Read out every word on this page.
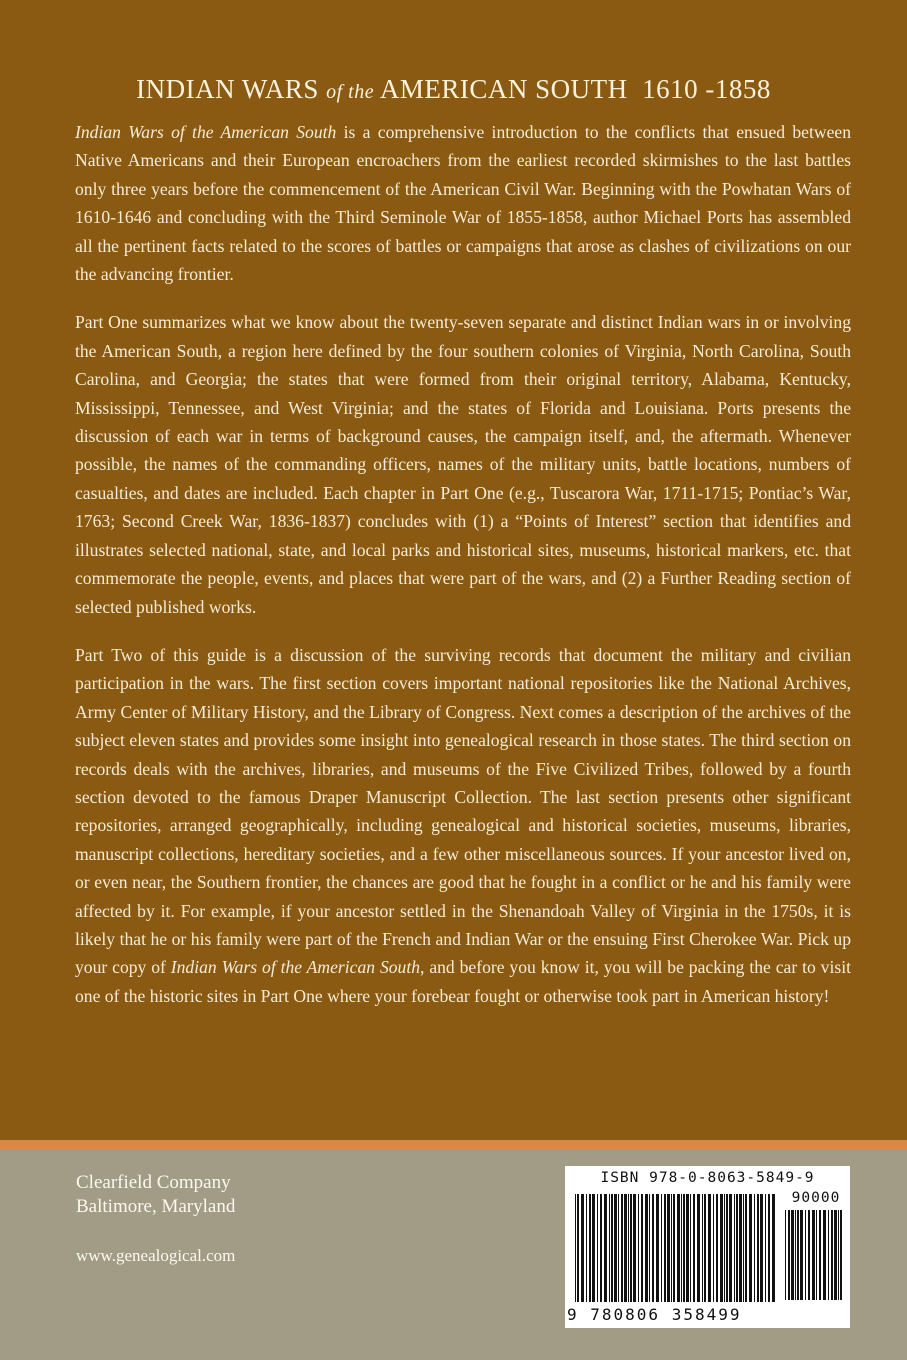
INDIAN WARS of the AMERICAN SOUTH 1610 -1858

Indian Wars of the American South is a comprehensive introduction to the conflicts that ensued between Native Americans and their European encroachers from the earliest recorded skirmishes to the last battles only three years before the commencement of the American Civil War. Beginning with the Powhatan Wars of 1610-1646 and concluding with the Third Seminole War of 1855-1858, author Michael Ports has assembled all the pertinent facts related to the scores of battles or campaigns that arose as clashes of civilizations on our the advancing frontier.

Part One summarizes what we know about the twenty-seven separate and distinct Indian wars in or involving the American South, a region here defined by the four southern colonies of Virginia, North Carolina, South Carolina, and Georgia; the states that were formed from their original territory, Alabama, Kentucky, Mississippi, Tennessee, and West Virginia; and the states of Florida and Louisiana. Ports presents the discussion of each war in terms of background causes, the campaign itself, and, the aftermath. Whenever possible, the names of the commanding officers, names of the military units, battle locations, numbers of casualties, and dates are included. Each chapter in Part One (e.g., Tuscarora War, 1711-1715; Pontiac’s War, 1763; Second Creek War, 1836-1837) concludes with (1) a “Points of Interest” section that identifies and illustrates selected national, state, and local parks and historical sites, museums, historical markers, etc. that commemorate the people, events, and places that were part of the wars, and (2) a Further Reading section of selected published works.

Part Two of this guide is a discussion of the surviving records that document the military and civilian participation in the wars. The first section covers important national repositories like the National Archives, Army Center of Military History, and the Library of Congress. Next comes a description of the archives of the subject eleven states and provides some insight into genealogical research in those states. The third section on records deals with the archives, libraries, and museums of the Five Civilized Tribes, followed by a fourth section devoted to the famous Draper Manuscript Collection. The last section presents other significant repositories, arranged geographically, including genealogical and historical societies, museums, libraries, manuscript collections, hereditary societies, and a few other miscellaneous sources. If your ancestor lived on, or even near, the Southern frontier, the chances are good that he fought in a conflict or he and his family were affected by it. For example, if your ancestor settled in the Shenandoah Valley of Virginia in the 1750s, it is likely that he or his family were part of the French and Indian War or the ensuing First Cherokee War. Pick up your copy of Indian Wars of the American South, and before you know it, you will be packing the car to visit one of the historic sites in Part One where your forebear fought or otherwise took part in American history!

Clearfield Company
Baltimore, Maryland
www.genealogical.com
ISBN 978-0-8063-5849-9
90000
9 780806 358499
